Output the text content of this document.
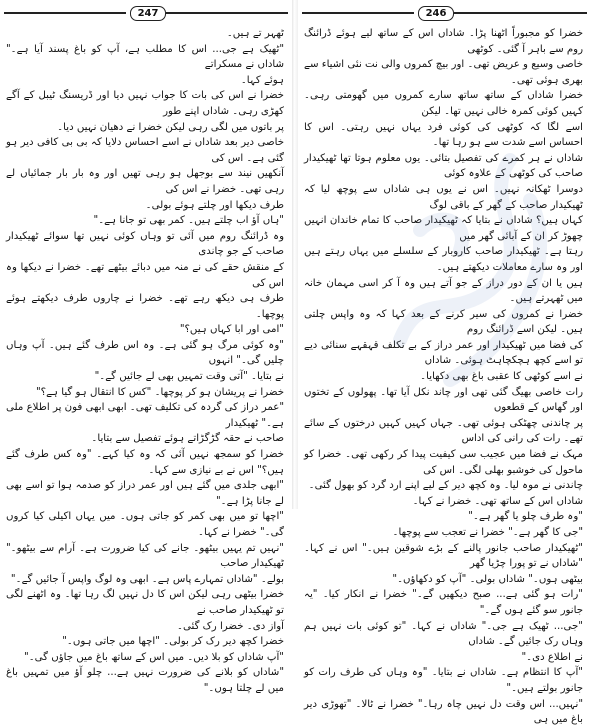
247

ٹھہر تے ہیں۔

"ٹھیک ہے جی... اس کا مطلب ہے، آپ کو باغ پسند آیا ہے۔" شاداں نے مسکراتے

ہوئے کہا۔

خضرا نے اس کی بات کا جواب نہیں دیا اور ڈریسنگ ٹیبل کے آگے کھڑی رہی۔ شاداں اپنے طور

پر باتوں میں لگی رہی لیکن خضرا نے دھیان نہیں دیا۔

خاصی دیر بعد شاداں نے اسے احساس دلایا کہ بی بی کافی دیر ہو گئی ہے۔ اس کی

آنکھیں نیند سے بوجھل ہو رہی تھیں اور وہ بار بار جمائیاں لے رہی تھی۔ خضرا نے اس کی

طرف دیکھا اور چلتے ہوئے بولی۔

"ہاں آؤ اب چلتے ہیں۔ کمر بھی تو جانا ہے۔"

وہ ڈرائنگ روم میں آئی تو وہاں کوئی نہیں تھا سوائے ٹھیکیدار صاحب کے جو چاندی

کے منقش حقے کی نے منہ میں دبائے بیٹھے تھے۔ خضرا نے دیکھا وہ اس کی

طرف ہی دیکھ رہے تھے۔ خضرا نے چاروں طرف دیکھتے ہوئے پوچھا۔

"امی اور ابا کہاں ہیں؟"

"وہ کوئی مرگ ہو گئی ہے۔ وہ اس طرف گئے ہیں۔ آپ وہاں چلیں گی۔" انہوں

نے بتایا۔ "آتی وقت تمہیں بھی لے جائیں گے۔"

خضرا نے پریشان ہو کر پوچھا۔ "کس کا انتقال ہو گیا ہے؟"

"عمر دراز کی گردہ کی تکلیف تھی۔ ابھی ابھی فون پر اطلاع ملی ہے۔" ٹھیکیدار

صاحب نے حقہ گڑگڑاتے ہوئے تفصیل سے بتایا۔

خضرا کو سمجھ نہیں آئی کہ وہ کیا کہے۔ "وہ کس طرف گئے ہیں؟" اس نے بے نیازی سے کہا۔

"ابھی جلدی میں گئے ہیں اور عمر دراز کو صدمہ ہوا تو اسے بھی لے جانا پڑا ہے۔"

"اچھا تو میں بھی کمر کو جاتی ہوں۔ میں یہاں اکیلی کیا کروں گی۔" خضرا نے کہا۔

"نہیں تم یہیں بیٹھو۔ جانے کی کیا ضرورت ہے۔ آرام سے بیٹھو۔" ٹھیکیدار صاحب

بولے۔ "شاداں تمہارے پاس ہے۔ ابھی وہ لوگ واپس آ جائیں گے۔"

خضرا بیٹھی رہی لیکن اس کا دل نہیں لگ رہا تھا۔ وہ اٹھنے لگی تو ٹھیکیدار صاحب نے

آواز دی۔ خضرا رک گئی۔

خضرا کچھ دیر رک کر بولی۔ "اچھا میں جاتی ہوں۔"

"آپ شاداں کو بلا دیں۔ میں اس کے ساتھ باغ میں جاؤں گی۔"

"شاداں کو بلانے کی ضرورت نہیں ہے... چلو آؤ میں تمہیں باغ میں لے چلتا ہوں۔"

246

خضرا کو مجبوراً اٹھنا پڑا۔ شاداں اس کے ساتھ لیے ہوئے ڈرائنگ روم سے باہر آ گئی۔ کوٹھی

خاصی وسیع و عریض تھی۔ اور بیچ کمروں والی نت نئی اشیاء سے بھری ہوئی تھی۔

خضرا شاداں کے ساتھ ساتھ سارے کمروں میں گھومتی رہی۔ کہیں کوئی کمرہ خالی نہیں تھا۔ لیکن

اسے لگا کہ کوٹھی کی کوئی فرد یہاں نہیں رہتی۔ اس کا احساس اسے شدت سے ہو رہا تھا۔

شاداں نے ہر کمرے کی تفصیل بتائی۔ یوں معلوم ہوتا تھا ٹھیکیدار صاحب کی کوٹھی کے علاوہ کوئی

دوسرا ٹھکانہ نہیں۔ اس نے یوں ہی شاداں سے پوچھ لیا کہ ٹھیکیدار صاحب کے گھر کے باقی لوگ

کہاں ہیں؟ شاداں نے بتایا کہ ٹھیکیدار صاحب کا تمام خاندان انہیں چھوڑ کر ان کے آبائی گھر میں

رہتا ہے۔ ٹھیکیدار صاحب کاروبار کے سلسلے میں یہاں رہتے ہیں اور وہ سارے معاملات دیکھتے ہیں۔

ہیں یا ان کے دور دراز کے جو آتے ہیں وہ آ کر اسی مہمان خانہ میں ٹھہرتے ہیں۔

خضرا نے کمروں کی سیر کرنے کے بعد کہا کہ وہ واپس چلتی ہیں۔ لیکن اسے ڈرائنگ روم

کی فضا میں ٹھیکیدار اور عمر دراز کے بے تکلف قہقہے سنائی دیے تو اسے کچھ ہچکچاہٹ ہوئی۔ شاداں

نے اسے کوٹھی کا عقبی باغ بھی دکھایا۔

رات خاصی بھیگ گئی تھی اور چاند نکل آیا تھا۔ پھولوں کے تختوں اور گھاس کے قطعوں

پر چاندنی چھٹکی ہوئی تھی۔ جہاں کہیں کہیں درختوں کے سائے تھے۔ رات کی رانی کی اداس

مہک نے فضا میں عجیب سی کیفیت پیدا کر رکھی تھی۔ خضرا کو ماحول کی خوشبو بھلی لگی۔ اس کی

چاندنی نے موہ لیا۔ وہ کچھ دیر کے لیے اپنے ارد گرد کو بھول گئی۔

شاداں اس کے ساتھ تھی۔ خضرا نے کہا۔

"وہ طرف چلو یا گھر ہے۔"

"جی کا گھر ہے۔" خضرا نے تعجب سے پوچھا۔

"ٹھیکیدار صاحب جانور پالنے کے بڑے شوقین ہیں۔" اس نے کہا۔ "شاداں نے تو پورا چڑیا گھر

بیٹھی ہوں۔" شاداں بولی۔ "آپ کو دکھاؤں۔"

"رات ہو گئی ہے... صبح دیکھیں گے۔" خضرا نے انکار کیا۔ "یہ جانور سو گئے ہوں گے۔"

"جی... ٹھیک ہے جی۔" شاداں نے کہا۔ "تو کوئی بات نہیں ہم وہاں رک جائیں گے۔ شاداں

نے اطلاع دی۔"

"آپ کا انتظام ہے۔ شاداں نے بتایا۔ "وہ وہاں کی طرف رات کو جانور بولتے ہیں۔"

"نہیں... اس وقت دل نہیں چاہ رہا۔" خضرا نے ٹالا۔ "تھوڑی دیر باغ میں ہی
